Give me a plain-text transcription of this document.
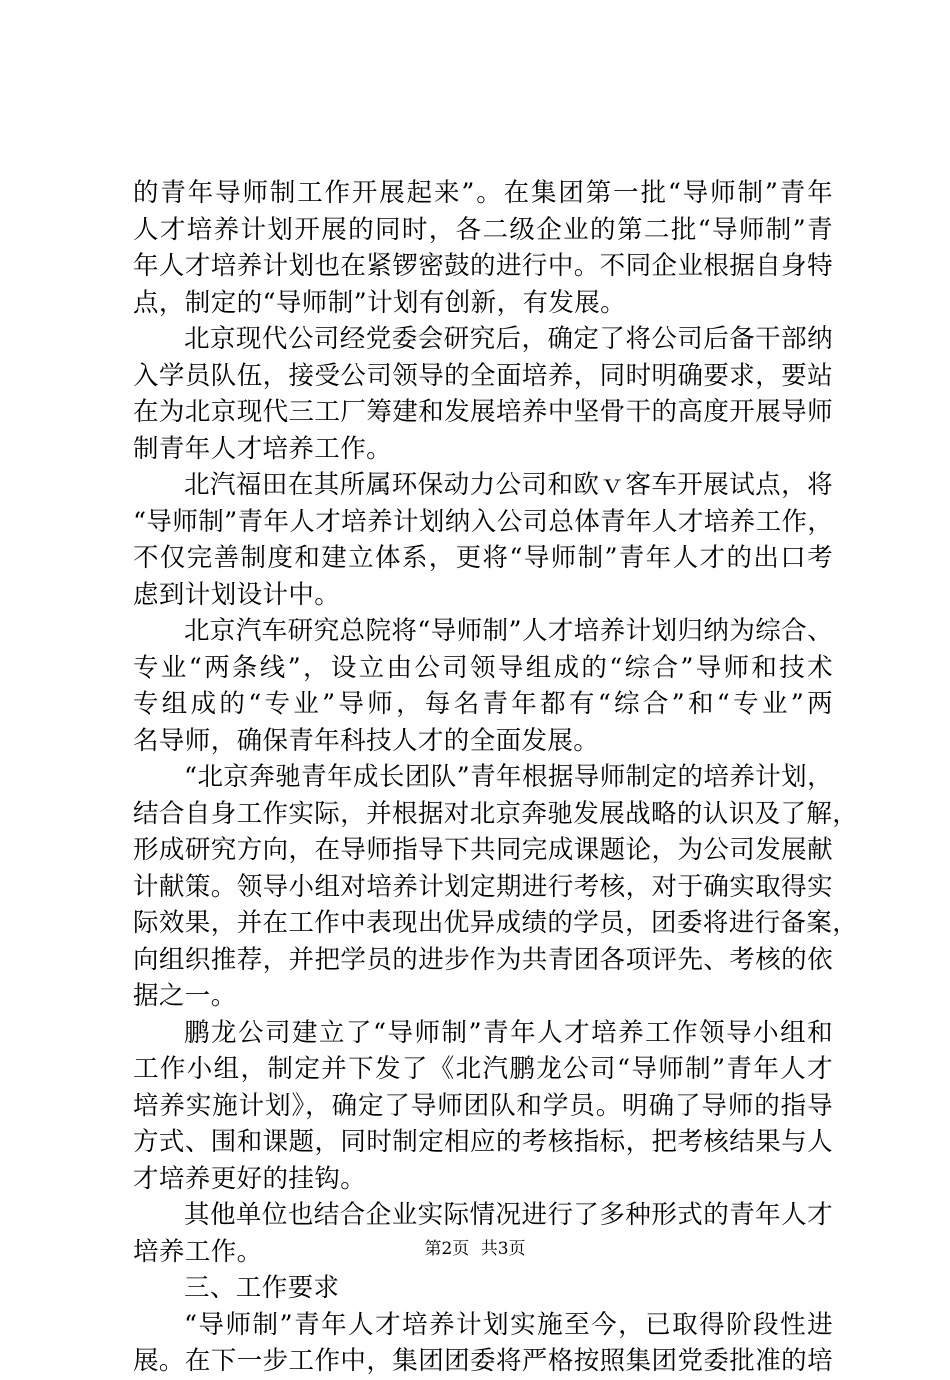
的青年导师制工作开展起来”。在集团第一批“导师制”青年
人才培养计划开展的同时，各二级企业的第二批“导师制”青
年人才培养计划也在紧锣密鼓的进行中。不同企业根据自身特
点，制定的“导师制”计划有创新，有发展。
北京现代公司经党委会研究后，确定了将公司后备干部纳
入学员队伍，接受公司领导的全面培养，同时明确要求，要站
在为北京现代三工厂筹建和发展培养中坚骨干的高度开展导师
制青年人才培养工作。
北汽福田在其所属环保动力公司和欧ｖ客车开展试点，将
“导师制”青年人才培养计划纳入公司总体青年人才培养工作，
不仅完善制度和建立体系，更将“导师制”青年人才的出口考
虑到计划设计中。
北京汽车研究总院将“导师制”人才培养计划归纳为综合、
专业“两条线”，设立由公司领导组成的“综合”导师和技术
专组成的“专业”导师，每名青年都有“综合”和“专业”两
名导师，确保青年科技人才的全面发展。
“北京奔驰青年成长团队”青年根据导师制定的培养计划，
结合自身工作实际，并根据对北京奔驰发展战略的认识及了解，
形成研究方向，在导师指导下共同完成课题论，为公司发展献
计献策。领导小组对培养计划定期进行考核，对于确实取得实
际效果，并在工作中表现出优异成绩的学员，团委将进行备案，
向组织推荐，并把学员的进步作为共青团各项评先、考核的依
据之一。
鹏龙公司建立了“导师制”青年人才培养工作领导小组和
工作小组，制定并下发了《北汽鹏龙公司“导师制”青年人才
培养实施计划》，确定了导师团队和学员。明确了导师的指导
方式、围和课题，同时制定相应的考核指标，把考核结果与人
才培养更好的挂钩。
其他单位也结合企业实际情况进行了多种形式的青年人才
培养工作。
三、工作要求
“导师制”青年人才培养计划实施至今，已取得阶段性进
展。在下一步工作中，集团团委将严格按照集团党委批准的培
第2页 共3页
